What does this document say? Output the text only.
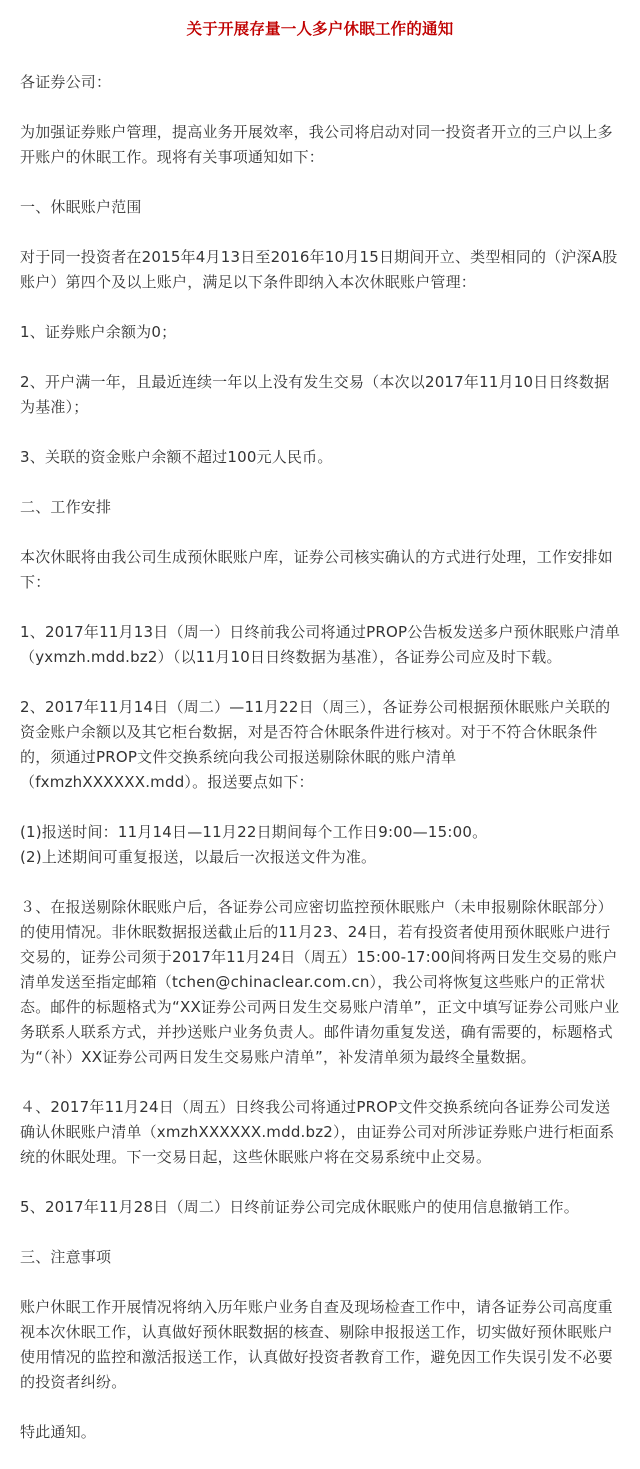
关于开展存量一人多户休眠工作的通知

各证券公司：

为加强证券账户管理，提高业务开展效率，我公司将启动对同一投资者开立的三户以上多开账户的休眠工作。现将有关事项通知如下：

一、休眠账户范围

对于同一投资者在2015年4月13日至2016年10月15日期间开立、类型相同的（沪深A股账户）第四个及以上账户，满足以下条件即纳入本次休眠账户管理：

1、证券账户余额为0；

2、开户满一年，且最近连续一年以上没有发生交易（本次以2017年11月10日日终数据为基准）；

3、关联的资金账户余额不超过100元人民币。

二、工作安排

本次休眠将由我公司生成预休眠账户库，证券公司核实确认的方式进行处理，工作安排如下：

1、2017年11月13日（周一）日终前我公司将通过PROP公告板发送多户预休眠账户清单（yxmzh.mdd.bz2）（以11月10日日终数据为基准），各证券公司应及时下载。

2、2017年11月14日（周二）—11月22日（周三），各证券公司根据预休眠账户关联的资金账户余额以及其它柜台数据，对是否符合休眠条件进行核对。对于不符合休眠条件的，须通过PROP文件交换系统向我公司报送剔除休眠的账户清单（fxmzhXXXXXX.mdd）。报送要点如下：

(1)报送时间：11月14日—11月22日期间每个工作日9:00—15:00。

(2)上述期间可重复报送，以最后一次报送文件为准。

３、在报送剔除休眠账户后，各证券公司应密切监控预休眠账户（未申报剔除休眠部分）的使用情况。非休眠数据报送截止后的11月23、24日，若有投资者使用预休眠账户进行交易的，证券公司须于2017年11月24日（周五）15:00-17:00间将两日发生交易的账户清单发送至指定邮箱（tchen@chinaclear.com.cn），我公司将恢复这些账户的正常状态。邮件的标题格式为“XX证券公司两日发生交易账户清单”，正文中填写证券公司账户业务联系人联系方式，并抄送账户业务负责人。邮件请勿重复发送，确有需要的，标题格式为“（补）XX证券公司两日发生交易账户清单”，补发清单须为最终全量数据。

４、2017年11月24日（周五）日终我公司将通过PROP文件交换系统向各证券公司发送确认休眠账户清单（xmzhXXXXXX.mdd.bz2），由证券公司对所涉证券账户进行柜面系统的休眠处理。下一交易日起，这些休眠账户将在交易系统中止交易。

5、2017年11月28日（周二）日终前证券公司完成休眠账户的使用信息撤销工作。

三、注意事项

账户休眠工作开展情况将纳入历年账户业务自查及现场检查工作中，请各证券公司高度重视本次休眠工作，认真做好预休眠数据的核查、剔除申报报送工作，切实做好预休眠账户使用情况的监控和激活报送工作，认真做好投资者教育工作，避免因工作失误引发不必要的投资者纠纷。

特此通知。
